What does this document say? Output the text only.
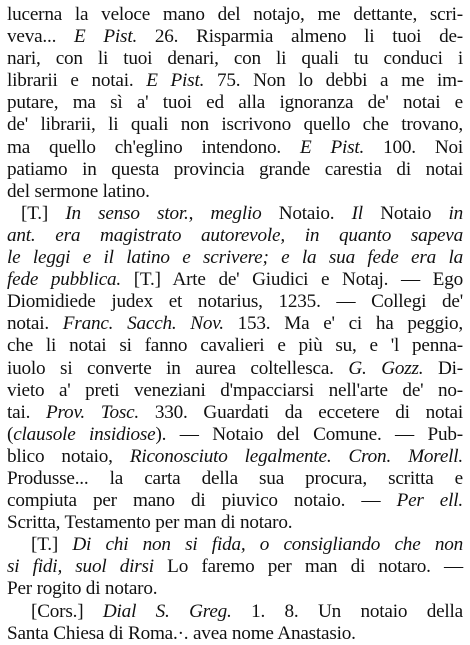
lucerna la veloce mano del notajo, me dettante, scri-
veva... E Pist. 26. Risparmia almeno li tuoi de-
nari, con li tuoi denari, con li quali tu conduci i
librarii e notai. E Pist. 75. Non lo debbi a me im-
putare, ma sì a' tuoi ed alla ignoranza de' notai e
de' librarii, li quali non iscrivono quello che trovano,
ma quello ch'eglino intendono. E Pist. 100. Noi
patiamo in questa provincia grande carestia di notai
del sermone latino.
[T.] In senso stor., meglio Notaio. Il Notaio in
ant. era magistrato autorevole, in quanto sapeva
le leggi e il latino e scrivere; e la sua fede era la
fede pubblica. [T.] Arte de' Giudici e Notaj. — Ego
Diomidiede judex et notarius, 1235. — Collegi de'
notai. Franc. Sacch. Nov. 153. Ma e' ci ha peggio,
che li notai si fanno cavalieri e più su, e 'l penna-
iuolo si converte in aurea coltellesca. G. Gozz. Di-
vieto a' preti veneziani d'mpacciarsi nell'arte de' no-
tai. Prov. Tosc. 330. Guardati da eccetere di notai
(clausole insidiose). — Notaio del Comune. — Pub-
blico notaio, Riconosciuto legalmente. Cron. Morell.
Produsse... la carta della sua procura, scritta e
compiuta per mano di piuvico notaio. — Per ell.
Scritta, Testamento per man di notaro.
[T.] Di chi non si fida, o consigliando che non
si fidi, suol dirsi Lo faremo per man di notaro. —
Per rogito di notaro.
[Cors.] Dial S. Greg. 1. 8. Un notaio della
Santa Chiesa di Roma.·. avea nome Anastasio.
